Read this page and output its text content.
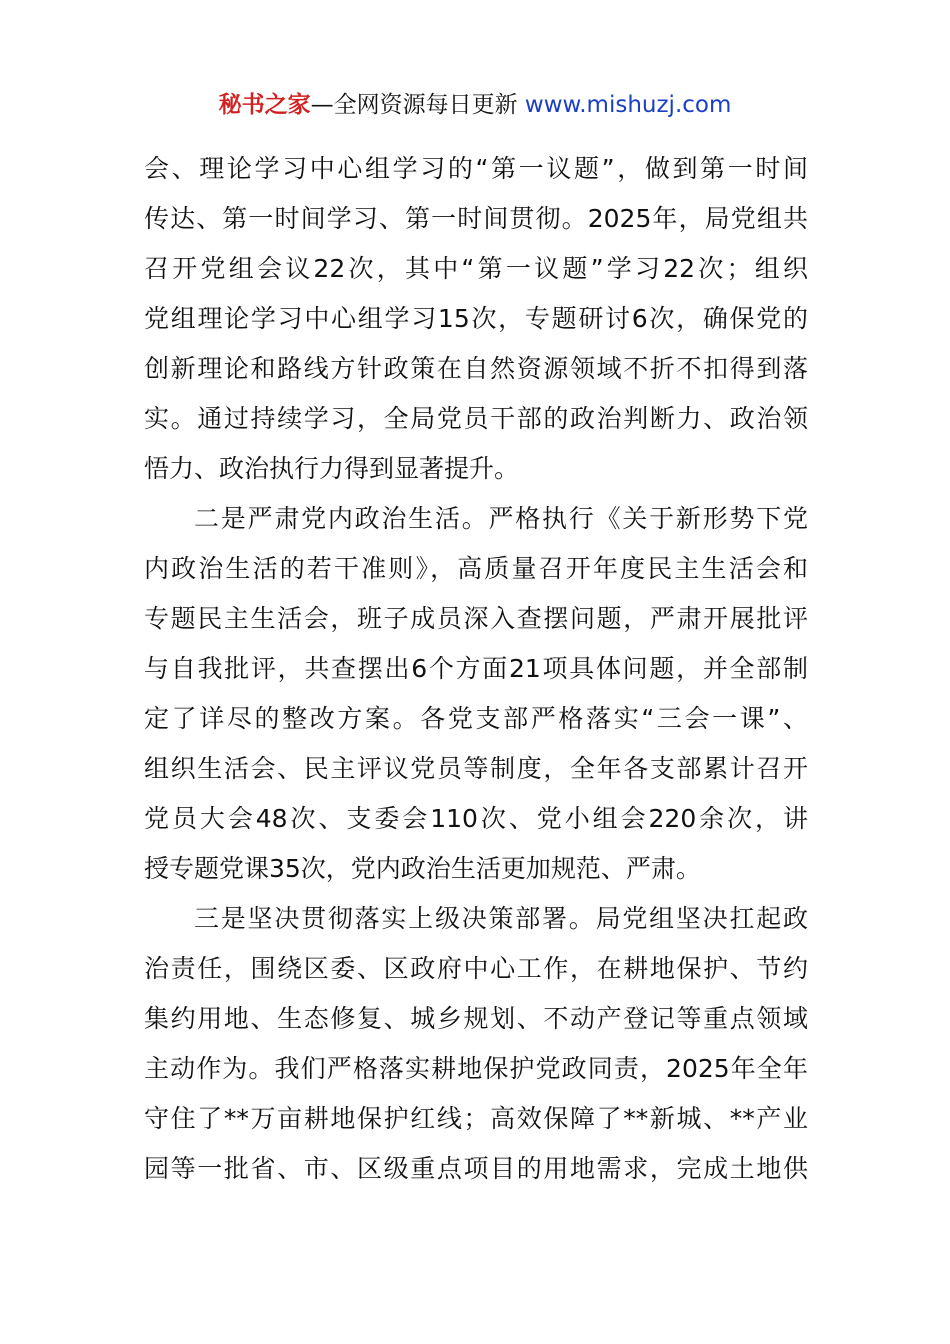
秘书之家—全网资源每日更新 www.mishuzj.com
会、理论学习中心组学习的“第一议题”，做到第一时间
传达、第一时间学习、第一时间贯彻。2025年，局党组共
召开党组会议22次，其中“第一议题”学习22次；组织
党组理论学习中心组学习15次，专题研讨6次，确保党的
创新理论和路线方针政策在自然资源领域不折不扣得到落
实。通过持续学习，全局党员干部的政治判断力、政治领
悟力、政治执行力得到显著提升。
二是严肃党内政治生活。严格执行《关于新形势下党
内政治生活的若干准则》，高质量召开年度民主生活会和
专题民主生活会，班子成员深入查摆问题，严肃开展批评
与自我批评，共查摆出6个方面21项具体问题，并全部制
定了详尽的整改方案。各党支部严格落实“三会一课”、
组织生活会、民主评议党员等制度，全年各支部累计召开
党员大会48次、支委会110次、党小组会220余次，讲
授专题党课35次，党内政治生活更加规范、严肃。
三是坚决贯彻落实上级决策部署。局党组坚决扛起政
治责任，围绕区委、区政府中心工作，在耕地保护、节约
集约用地、生态修复、城乡规划、不动产登记等重点领域
主动作为。我们严格落实耕地保护党政同责，2025年全年
守住了**万亩耕地保护红线；高效保障了**新城、**产业
园等一批省、市、区级重点项目的用地需求，完成土地供
